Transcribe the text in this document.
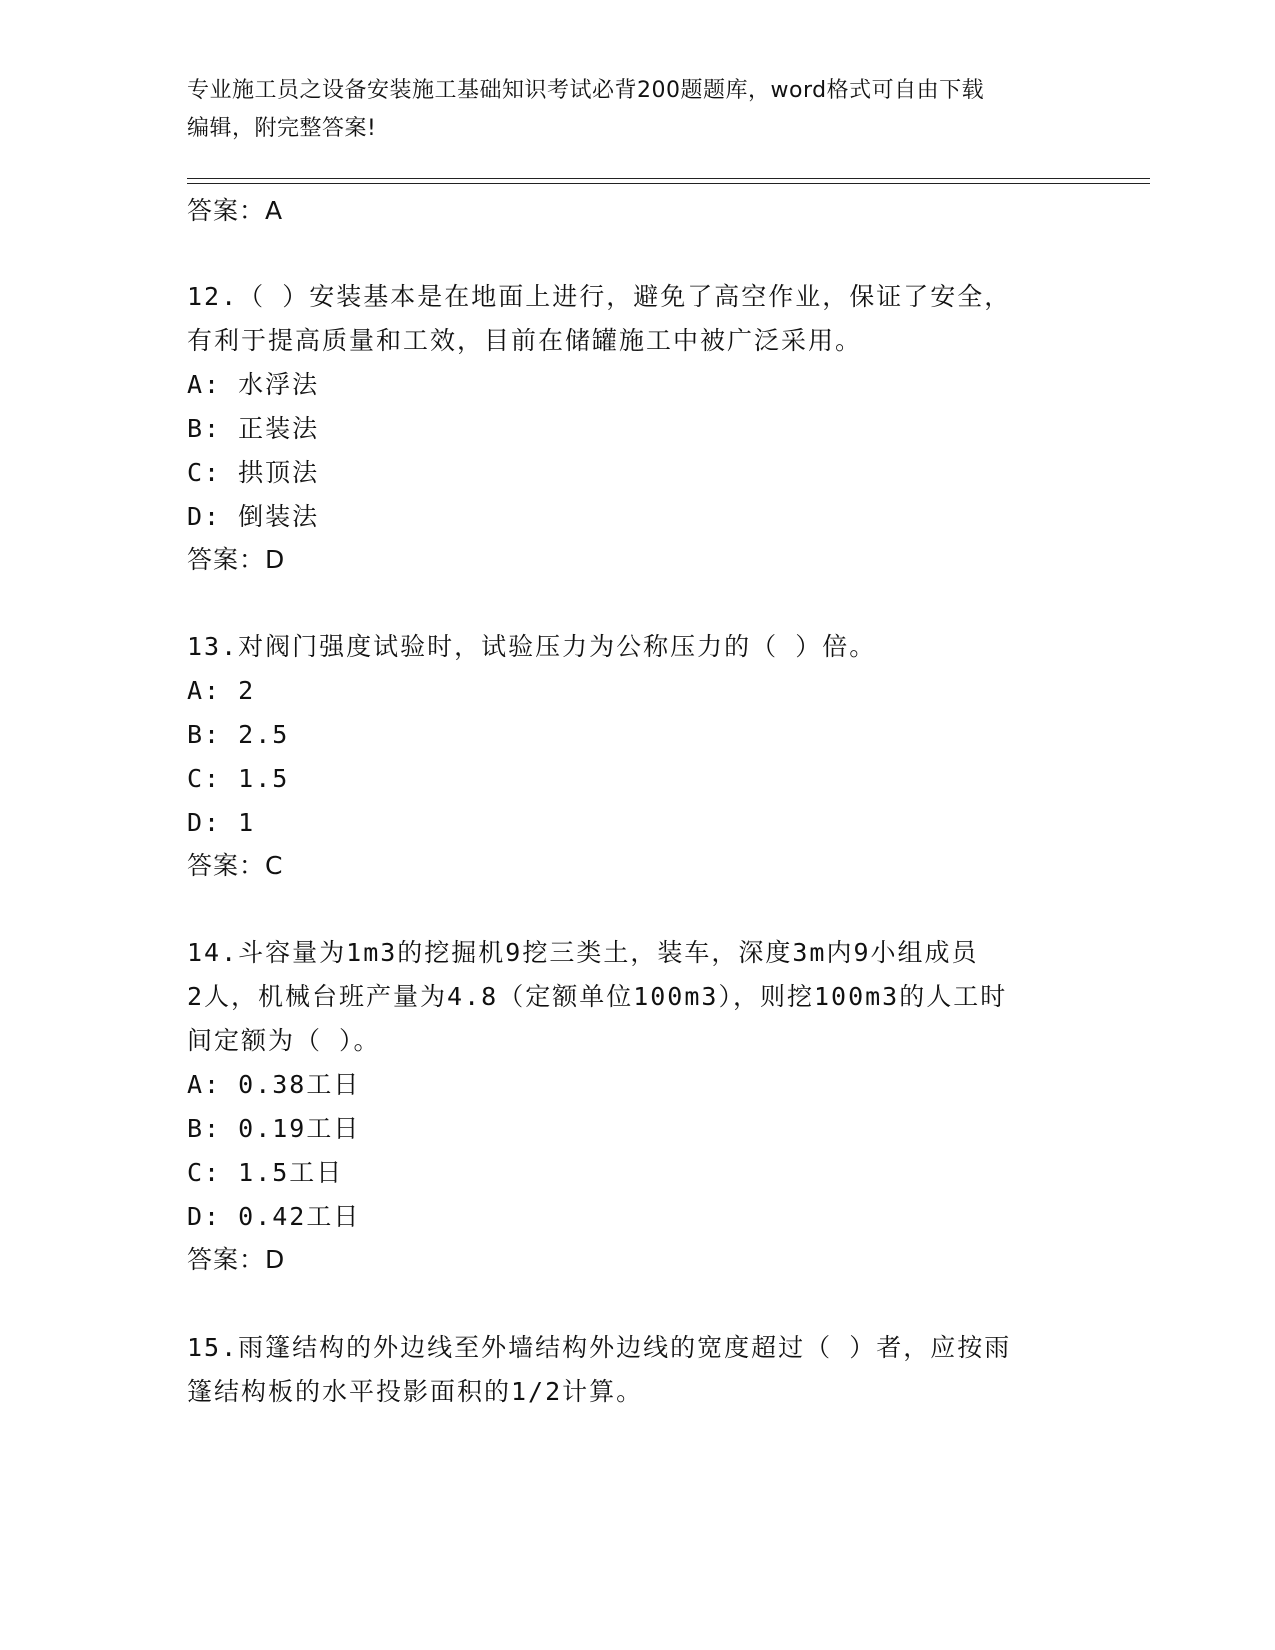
专业施工员之设备安装施工基础知识考试必背200题题库，word格式可自由下载
编辑，附完整答案!
答案：A
12.（ ）安装基本是在地面上进行，避免了高空作业，保证了安全，
有利于提高质量和工效，目前在储罐施工中被广泛采用。
A: 水浮法
B: 正装法
C: 拱顶法
D: 倒装法
答案：D
13.对阀门强度试验时，试验压力为公称压力的（ ）倍。
A: 2
B: 2.5
C: 1.5
D: 1
答案：C
14.斗容量为1m3的挖掘机9挖三类土，装车，深度3m内9小组成员
2人，机械台班产量为4.8（定额单位100m3），则挖100m3的人工时
间定额为（ ）。
A: 0.38工日
B: 0.19工日
C: 1.5工日
D: 0.42工日
答案：D
15.雨篷结构的外边线至外墙结构外边线的宽度超过（ ）者，应按雨
篷结构板的水平投影面积的1/2计算。
